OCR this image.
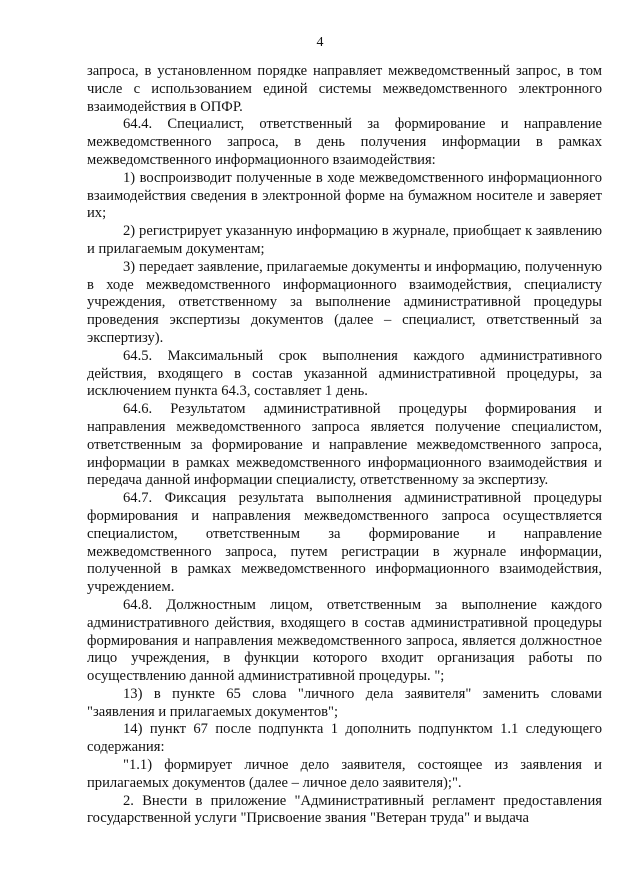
4

запроса, в установленном порядке направляет межведомственный запрос, в том числе с использованием единой системы межведомственного электронного взаимодействия в ОПФР.

64.4. Специалист, ответственный за формирование и направление межведомственного запроса, в день получения информации в рамках межведомственного информационного взаимодействия:

1) воспроизводит полученные в ходе межведомственного информационного взаимодействия сведения в электронной форме на бумажном носителе и заверяет их;

2) регистрирует указанную информацию в журнале, приобщает к заявлению и прилагаемым документам;

3) передает заявление, прилагаемые документы и информацию, полученную в ходе межведомственного информационного взаимодействия, специалисту учреждения, ответственному за выполнение административной процедуры проведения экспертизы документов (далее – специалист, ответственный за экспертизу).

64.5. Максимальный срок выполнения каждого административного действия, входящего в состав указанной административной процедуры, за исключением пункта 64.3, составляет 1 день.

64.6. Результатом административной процедуры формирования и направления межведомственного запроса является получение специалистом, ответственным за формирование и направление межведомственного запроса, информации в рамках межведомственного информационного взаимодействия и передача данной информации специалисту, ответственному за экспертизу.

64.7. Фиксация результата выполнения административной процедуры формирования и направления межведомственного запроса осуществляется специалистом, ответственным за формирование и направление межведомственного запроса, путем регистрации в журнале информации, полученной в рамках межведомственного информационного взаимодействия, учреждением.

64.8. Должностным лицом, ответственным за выполнение каждого административного действия, входящего в состав административной процедуры формирования и направления межведомственного запроса, является должностное лицо учреждения, в функции которого входит организация работы по осуществлению данной административной процедуры. ";

13) в пункте 65 слова "личного дела заявителя" заменить словами "заявления и прилагаемых документов";

14) пункт 67 после подпункта 1 дополнить подпунктом 1.1 следующего содержания:

"1.1) формирует личное дело заявителя, состоящее из заявления и прилагаемых документов (далее – личное дело заявителя);".

2. Внести в приложение "Административный регламент предоставления государственной услуги "Присвоение звания "Ветеран труда" и выдача
